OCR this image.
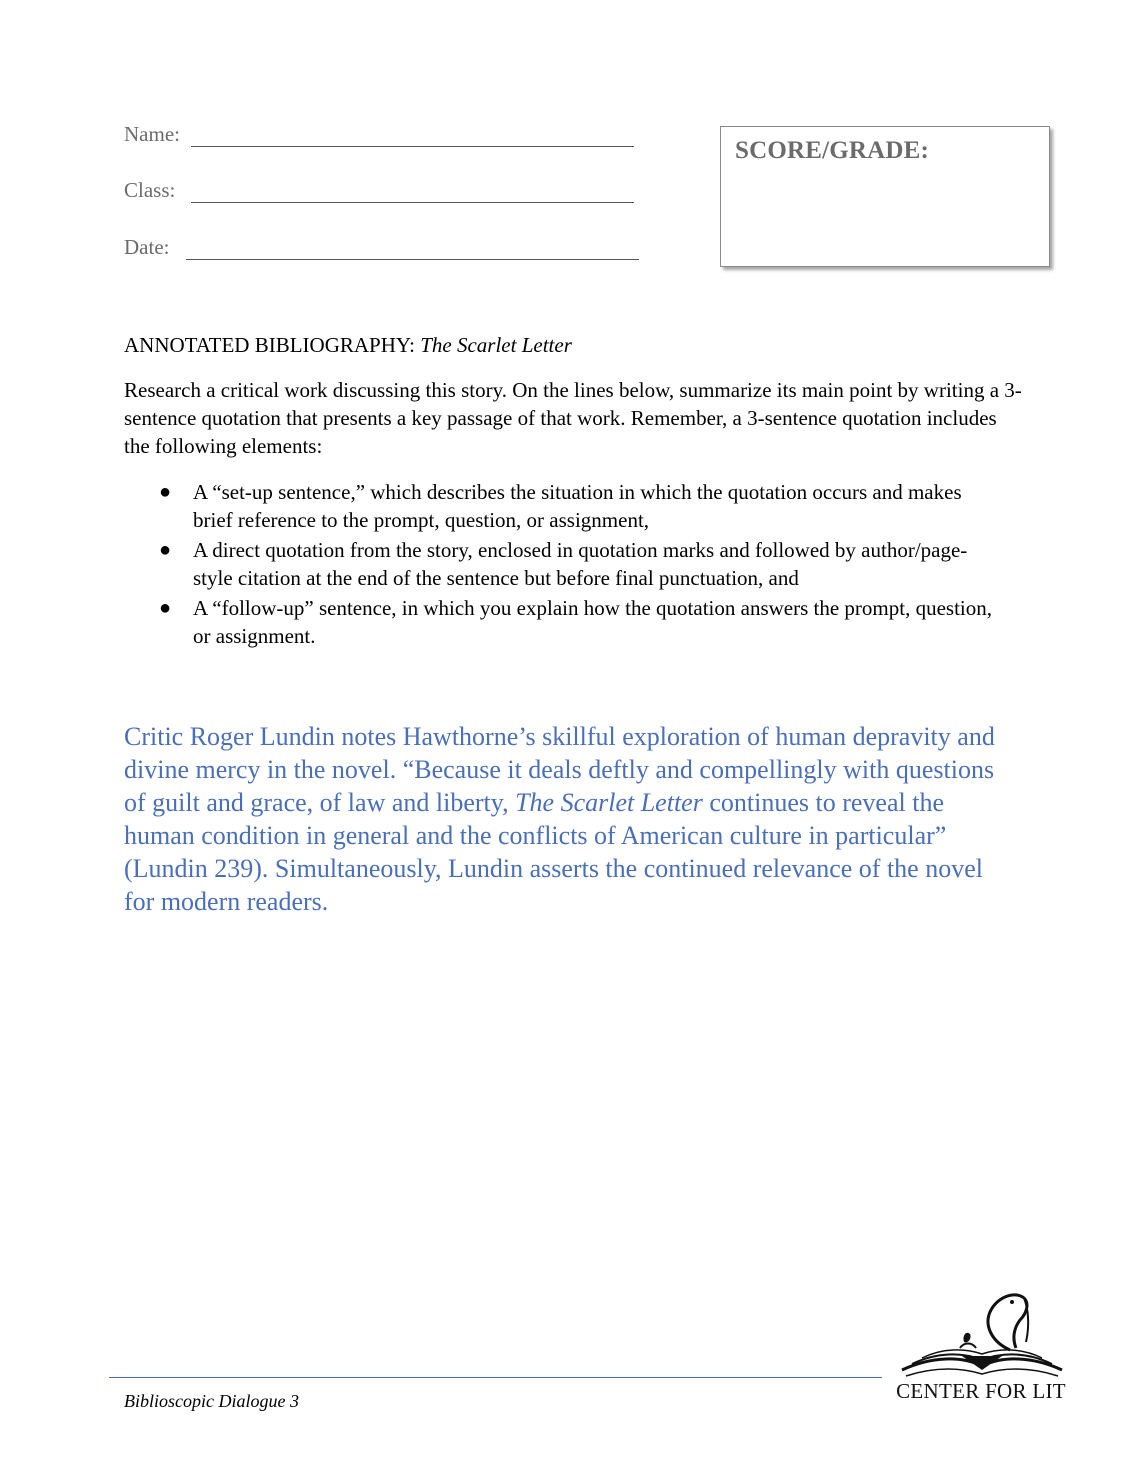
Name:
Class:
Date:
SCORE/GRADE:
ANNOTATED BIBLIOGRAPHY: The Scarlet Letter

Research a critical work discussing this story. On the lines below, summarize its main point by writing a 3-sentence quotation that presents a key passage of that work. Remember, a 3-sentence quotation includes the following elements:

● A “set-up sentence,” which describes the situation in which the quotation occurs and makes brief reference to the prompt, question, or assignment,
● A direct quotation from the story, enclosed in quotation marks and followed by author/page-style citation at the end of the sentence but before final punctuation, and
● A “follow-up” sentence, in which you explain how the quotation answers the prompt, question, or assignment.

Critic Roger Lundin notes Hawthorne’s skillful exploration of human depravity and divine mercy in the novel. “Because it deals deftly and compellingly with questions of guilt and grace, of law and liberty, The Scarlet Letter continues to reveal the human condition in general and the conflicts of American culture in particular” (Lundin 239). Simultaneously, Lundin asserts the continued relevance of the novel for modern readers.

Biblioscopic Dialogue 3	CENTER FOR LIT
